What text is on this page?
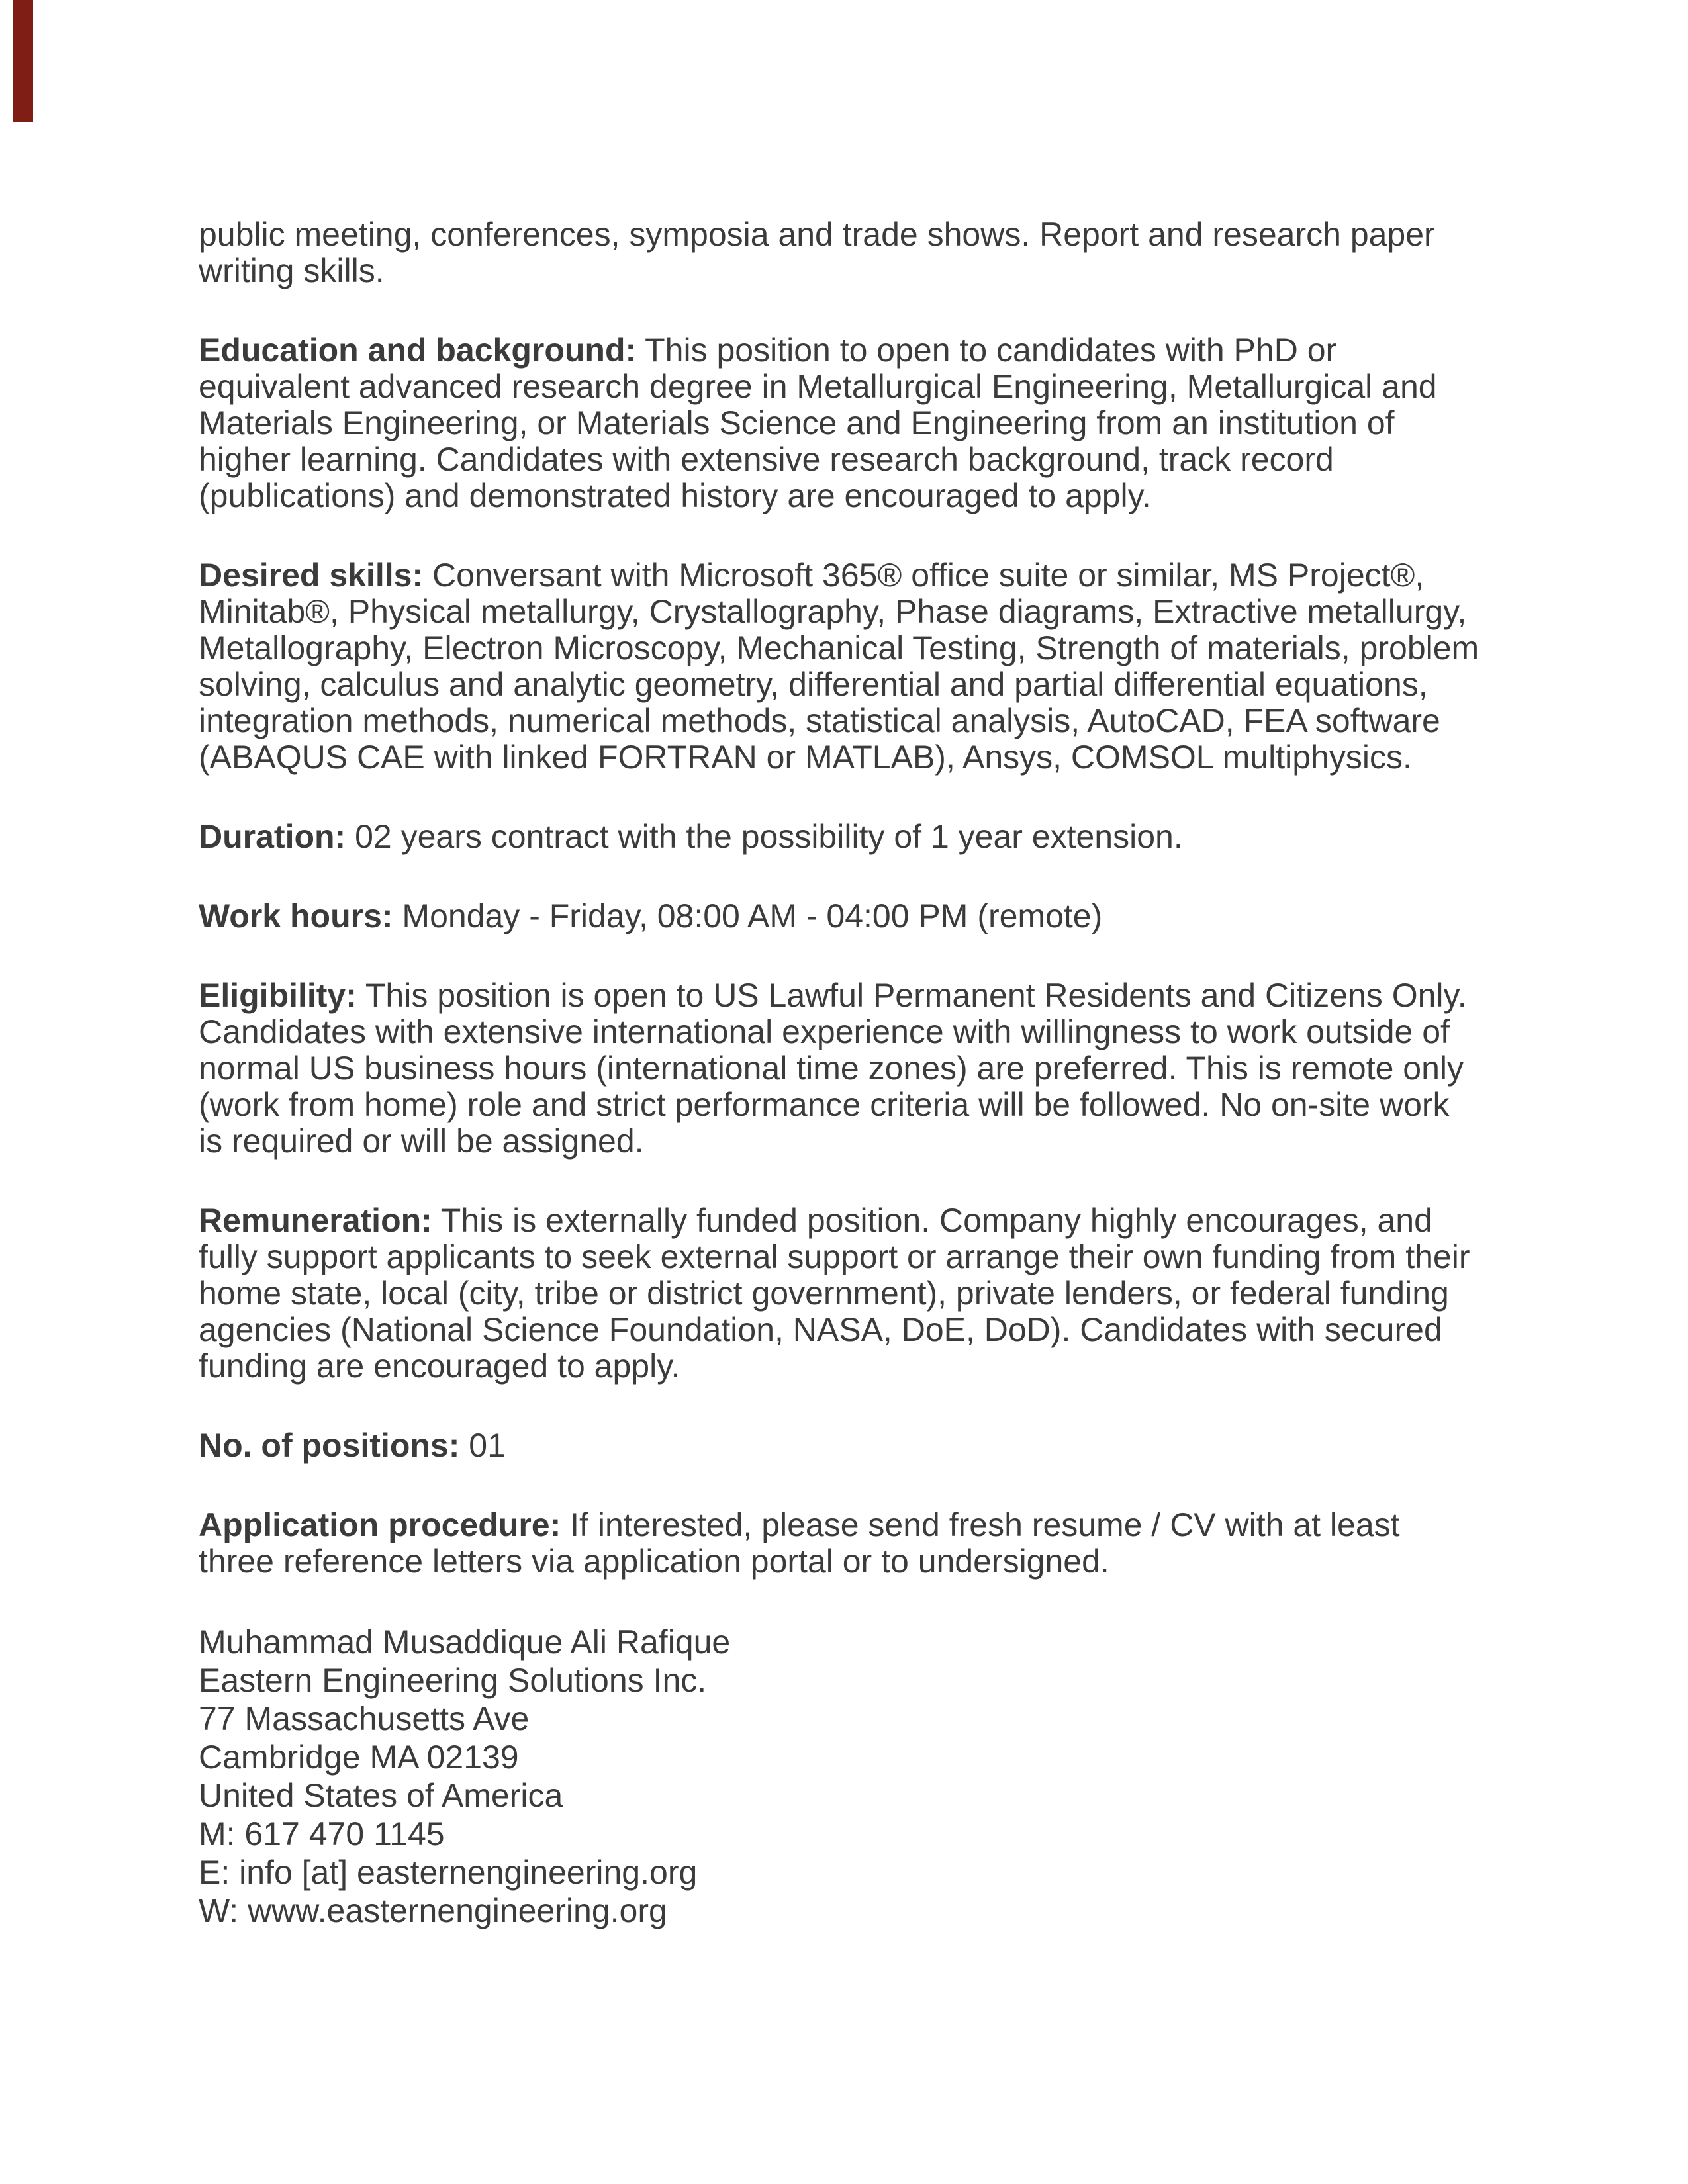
public meeting, conferences, symposia and trade shows. Report and research paper writing skills.

Education and background: This position to open to candidates with PhD or equivalent advanced research degree in Metallurgical Engineering, Metallurgical and Materials Engineering, or Materials Science and Engineering from an institution of higher learning. Candidates with extensive research background, track record (publications) and demonstrated history are encouraged to apply.

Desired skills: Conversant with Microsoft 365® office suite or similar, MS Project®, Minitab®, Physical metallurgy, Crystallography, Phase diagrams, Extractive metallurgy, Metallography, Electron Microscopy, Mechanical Testing, Strength of materials, problem solving, calculus and analytic geometry, differential and partial differential equations, integration methods, numerical methods, statistical analysis, AutoCAD, FEA software (ABAQUS CAE with linked FORTRAN or MATLAB), Ansys, COMSOL multiphysics.

Duration: 02 years contract with the possibility of 1 year extension.

Work hours: Monday - Friday, 08:00 AM - 04:00 PM (remote)

Eligibility: This position is open to US Lawful Permanent Residents and Citizens Only. Candidates with extensive international experience with willingness to work outside of normal US business hours (international time zones) are preferred. This is remote only (work from home) role and strict performance criteria will be followed. No on-site work is required or will be assigned.

Remuneration: This is externally funded position. Company highly encourages, and fully support applicants to seek external support or arrange their own funding from their home state, local (city, tribe or district government), private lenders, or federal funding agencies (National Science Foundation, NASA, DoE, DoD). Candidates with secured funding are encouraged to apply.

No. of positions: 01

Application procedure: If interested, please send fresh resume / CV with at least three reference letters via application portal or to undersigned.

Muhammad Musaddique Ali Rafique
Eastern Engineering Solutions Inc.
77 Massachusetts Ave
Cambridge MA 02139
United States of America
M: 617 470 1145
E: info [at] easternengineering.org
W: www.easternengineering.org
